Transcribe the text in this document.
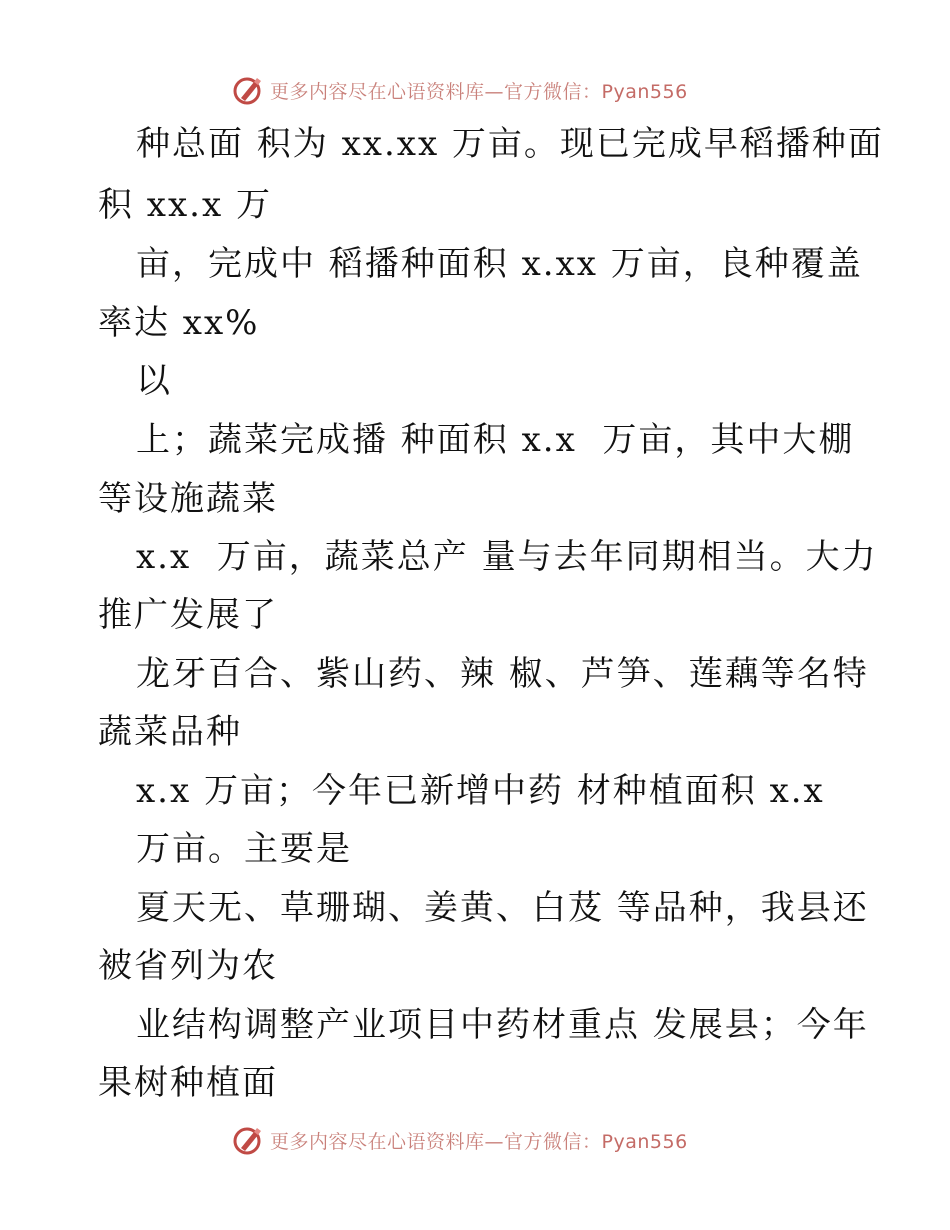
更多内容尽在心语资料库—官方微信：Pyan556
种总面 积为 xx.xx 万亩。现已完成早稻播种面
积 xx.x 万
亩，完成中 稻播种面积 x.xx 万亩，良种覆盖
率达 xx%
以
上；蔬菜完成播 种面积 x.x  万亩，其中大棚
等设施蔬菜
x.x  万亩，蔬菜总产 量与去年同期相当。大力
推广发展了
龙牙百合、紫山药、辣 椒、芦笋、莲藕等名特
蔬菜品种
x.x 万亩；今年已新增中药 材种植面积 x.x
万亩。主要是
夏天无、草珊瑚、姜黄、白芨 等品种，我县还
被省列为农
业结构调整产业项目中药材重点 发展县；今年
果树种植面
更多内容尽在心语资料库—官方微信：Pyan556
